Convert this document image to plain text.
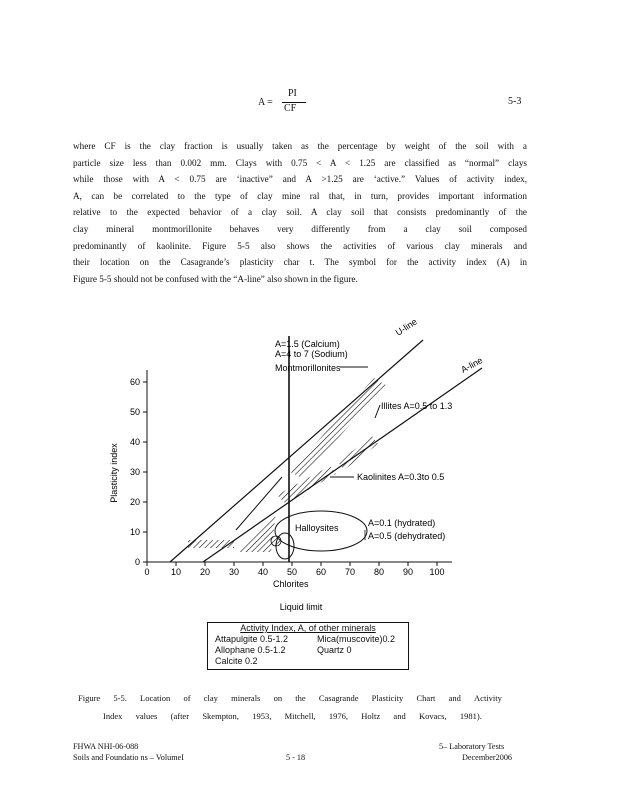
A =
PI
CF
5-3
where CF is the clay fraction is usually taken as the percentage by weight of the soil with a
particle size less than 0.002 mm. Clays with 0.75 < A < 1.25 are classified as “normal” clays
while those with A < 0.75 are ‘inactive” and A >1.25 are ‘active.” Values of activity index,
A, can be correlated to the type of clay mine ral that, in turn, provides important information
relative to the expected behavior of a clay soil. A clay soil that consists predominantly of the
clay mineral montmorillonite behaves very differently from a clay soil composed
predominantly of kaolinite. Figure 5-5 also shows the activities of various clay minerals and
their location on the Casagrande’s plasticity char t. The symbol for the activity index (A) in
Figure 5-5 should not be confused with the “A-line” also shown in the figure.
0 10 20 30 40 50 60 70 80 90 100
0
10
20
30
40
50
60
Plasticity index
Liquid limit
U-line
A-line
A=1.5 (Calcium)
A=4 to 7 (Sodium)
Montmorillonites
Illites A=0.5 to 1.3
Kaolinites A=0.3to 0.5
Halloysites	A=0.1 (hydrated)
A=0.5 (dehydrated)
Chlorites
Activity Index, A, of other minerals
Attapulgite 0.5-1.2	Mica(muscovite)0.2
Allophane 0.5-1.2	Quartz 0
Calcite 0.2
Figure 5-5. Location of clay minerals on the Casagrande Plasticity Chart and Activity
Index values (after Skempton, 1953, Mitchell, 1976, Holtz and Kovacs, 1981).
FHWA NHI-06-088
Soils and Foundatio ns – VolumeI	5 - 18
5– Laboratory Tests
December2006
